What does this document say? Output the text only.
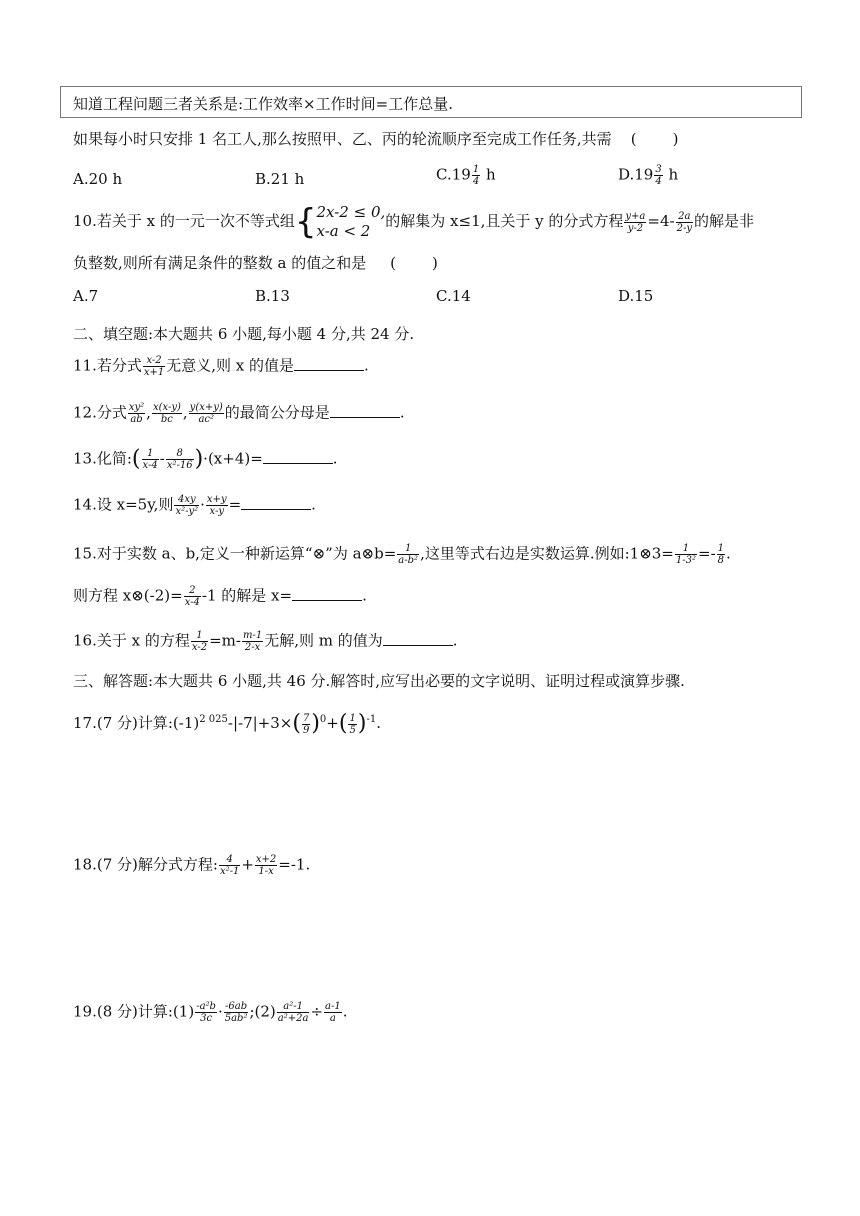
知道工程问题三者关系是:工作效率×工作时间=工作总量.
如果每小时只安排 1 名工人,那么按照甲、乙、丙的轮流顺序至完成工作任务,共需    ( )
A.20 h	B.21 h	$C.19 \frac{1}{4}$ h	$D.19 \frac{3}{4}$ h
10.若关于 x 的一元一次不等式组{ 2x-2 ≤ 0,
x-a < 2
的解集为 x≤1,且关于 y 的分式方程 $\frac{y+a}{y-2} =4- \frac{2a}{2-y}$ 的解是非
负整数,则所有满足条件的整数 a 的值之和是     ( )
A.7	B.13	C.14	D.15
二、填空题:本大题共 6 小题,每小题 4 分,共 24 分.
11.若分式 $\frac{x-2}{x+1}$ 无意义,则 x 的值是	.
12.分式 $\frac{\text{xy²}}{ab}$ , $\frac{x(x-y)}{bc}$ , $\frac{y(x+y)}{\text{ac²}}$ 的最简公分母是	.
13.化简:( $\frac{1}{x-4} - \frac{8}{\text{x²-16}} )\cdot(x+4)=$	.
14.设 x=5y,则 $\frac{4xy}{\text{x²-y²}} \cdot \frac{x+y}{x-y}$ =	.
15.对于实数 a、b,定义一种新运算“⊗”为 a⊗b= $\frac{1}{\text{a-b²}}$ ,这里等式右边是实数运算.例如:1⊗3= $\frac{1}{\text{1-3²}} =- \frac{1}{8}$ .
则方程 x⊗(-2)= $\frac{2}{x-4} -1$ 的解是 x=	.
16.关于 x 的方程 $\frac{1}{x-2} =m- \frac{m-1}{2-x}$ 无解,则 m 的值为	.
三、解答题:本大题共 6 小题,共 46 分.解答时,应写出必要的文字说明、证明过程或演算步骤.
17.(7 分)计算$:(-1)^{2 025}-|-7|+3\times( \frac{7}{9} )^0+( \frac{1}{5} )^{-1}$.
18.(7 分)解分式方程: $\frac{4}{\text{x²-1}} + \frac{x+2}{1-x} =-1$.
19.(8 分)计算:(1) $\frac{\text{-a²b}}{3c} \cdot \frac{-6ab}{\text{5ab²}}$ ;(2) $\frac{\text{a²-1}}{\text{a²+2a}} \div \frac{a-1}{a}$ .
